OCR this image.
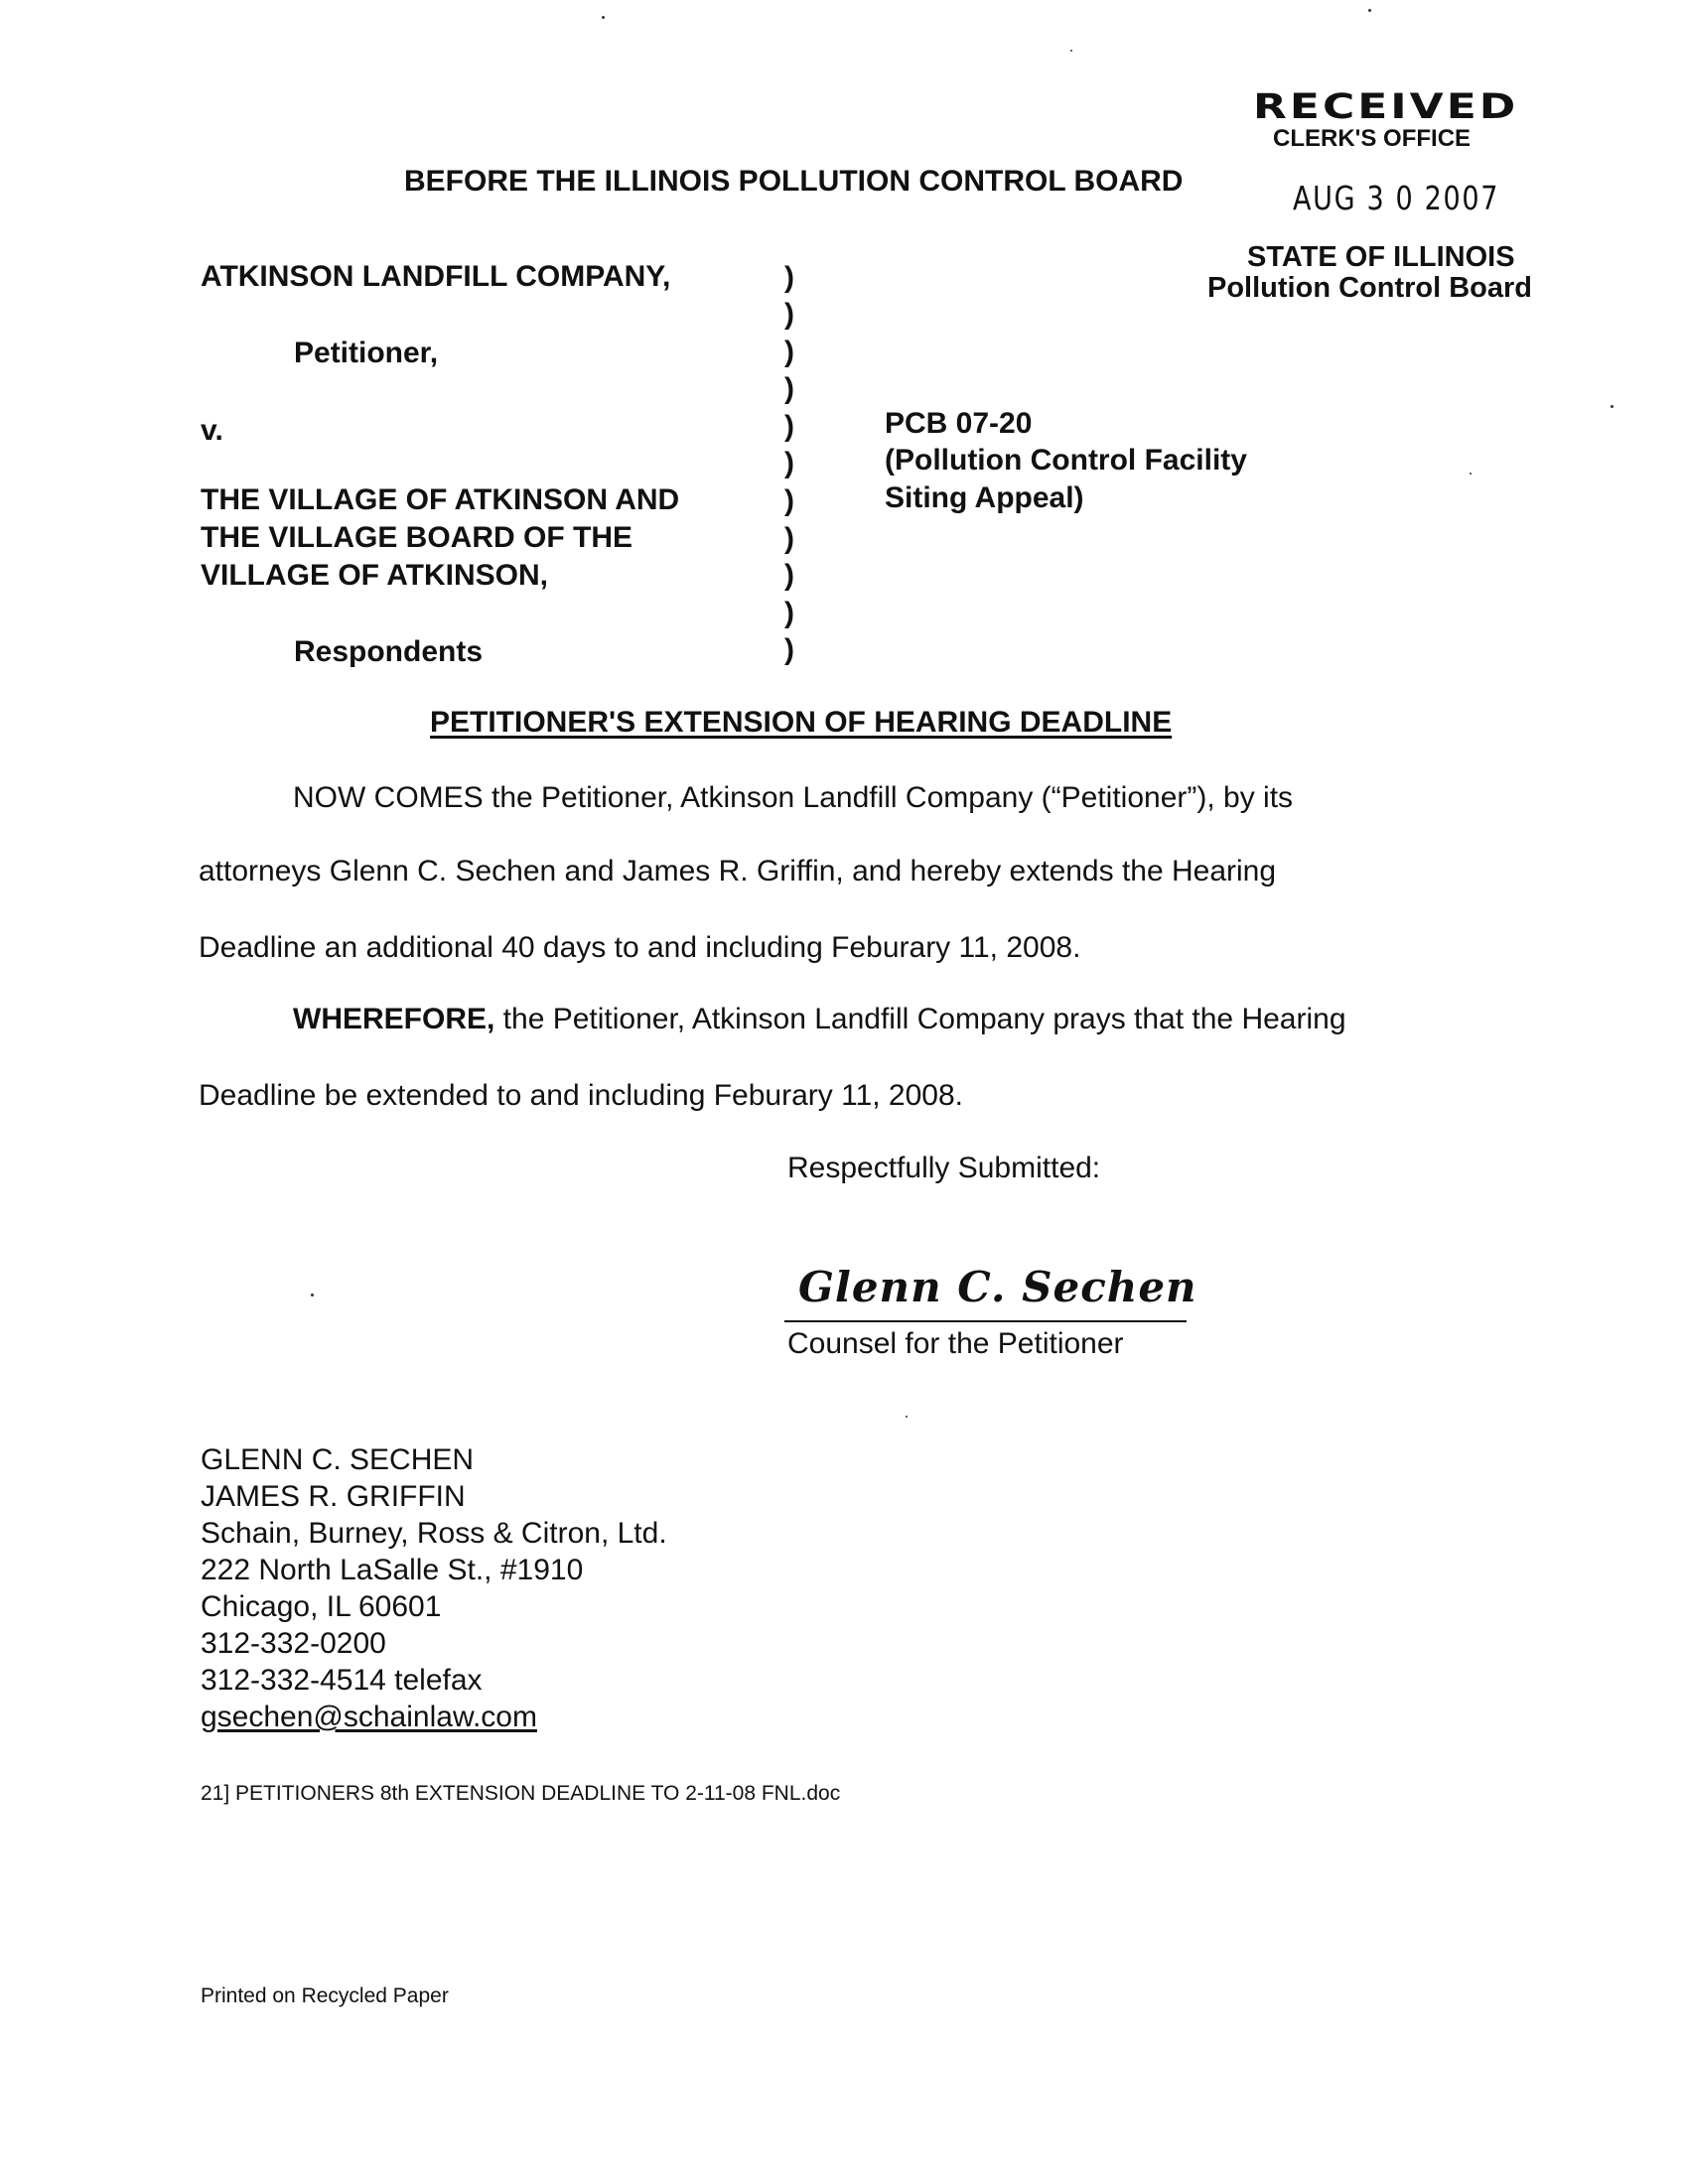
RECEIVED
CLERK'S OFFICE
AUG 3 0 2007
STATE OF ILLINOIS
Pollution Control Board
BEFORE THE ILLINOIS POLLUTION CONTROL BOARD
ATKINSON LANDFILL COMPANY,
Petitioner,
v.
THE VILLAGE OF ATKINSON AND
THE VILLAGE BOARD OF THE
VILLAGE OF ATKINSON,
Respondents
)
)
)
)
)
)
)
)
)
)
)
PCB 07-20
(Pollution Control Facility
Siting Appeal)
PETITIONER'S EXTENSION OF HEARING DEADLINE
NOW COMES the Petitioner, Atkinson Landfill Company (“Petitioner”), by its
attorneys Glenn C. Sechen and James R. Griffin, and hereby extends the Hearing
Deadline an additional 40 days to and including Feburary 11, 2008.
WHEREFORE, the Petitioner, Atkinson Landfill Company prays that the Hearing
Deadline be extended to and including Feburary 11, 2008.
Respectfully Submitted:
Glenn C. Sechen
Counsel for the Petitioner
GLENN C. SECHEN
JAMES R. GRIFFIN
Schain, Burney, Ross & Citron, Ltd.
222 North LaSalle St., #1910
Chicago, IL 60601
312-332-0200
312-332-4514 telefax
gsechen@schainlaw.com
21] PETITIONERS 8th EXTENSION DEADLINE TO 2-11-08 FNL.doc
Printed on Recycled Paper
